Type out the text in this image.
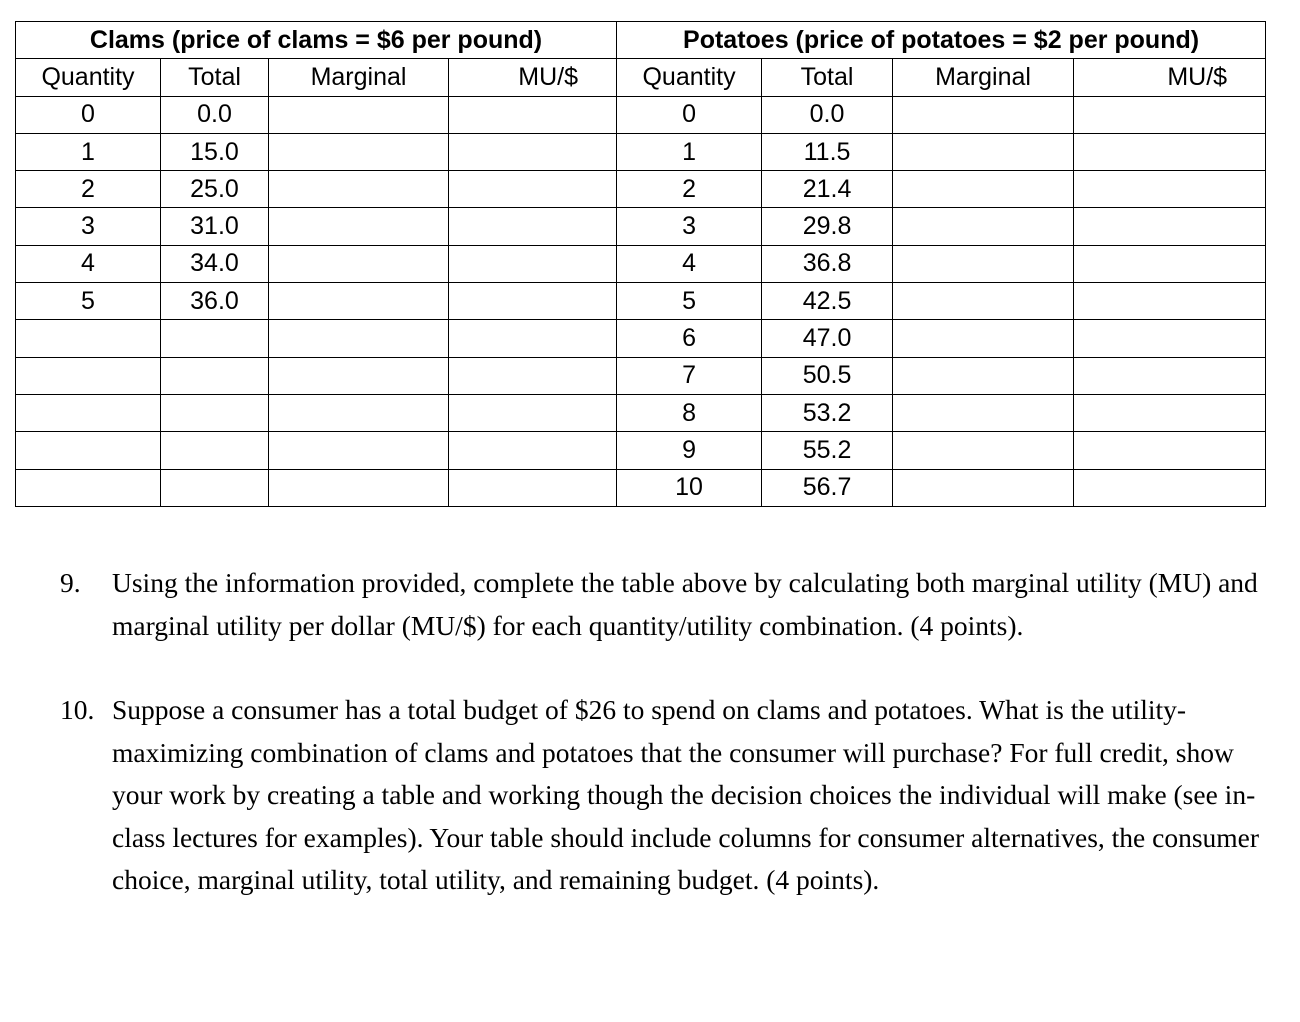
Clams (price of clams = $6 per pound)				Potatoes (price of potatoes = $2 per pound)			
Quantity	Total	Marginal	MU/$	Quantity	Total	Marginal	MU/$
0	0.0			0	0.0		
1	15.0			1	11.5		
2	25.0			2	21.4		
3	31.0			3	29.8		
4	34.0			4	36.8		
5	36.0			5	42.5		
				6	47.0		
				7	50.5		
				8	53.2		
				9	55.2		
				10	56.7		
9.	Using the information provided, complete the table above by calculating both marginal utility (MU) and marginal utility per dollar (MU/$) for each quantity/utility combination. (4 points).
10. Suppose a consumer has a total budget of $26 to spend on clams and potatoes. What is the utility-maximizing combination of clams and potatoes that the consumer will purchase? For full credit, show your work by creating a table and working though the decision choices the individual will make (see in-class lectures for examples). Your table should include columns for consumer alternatives, the consumer choice, marginal utility, total utility, and remaining budget. (4 points).
